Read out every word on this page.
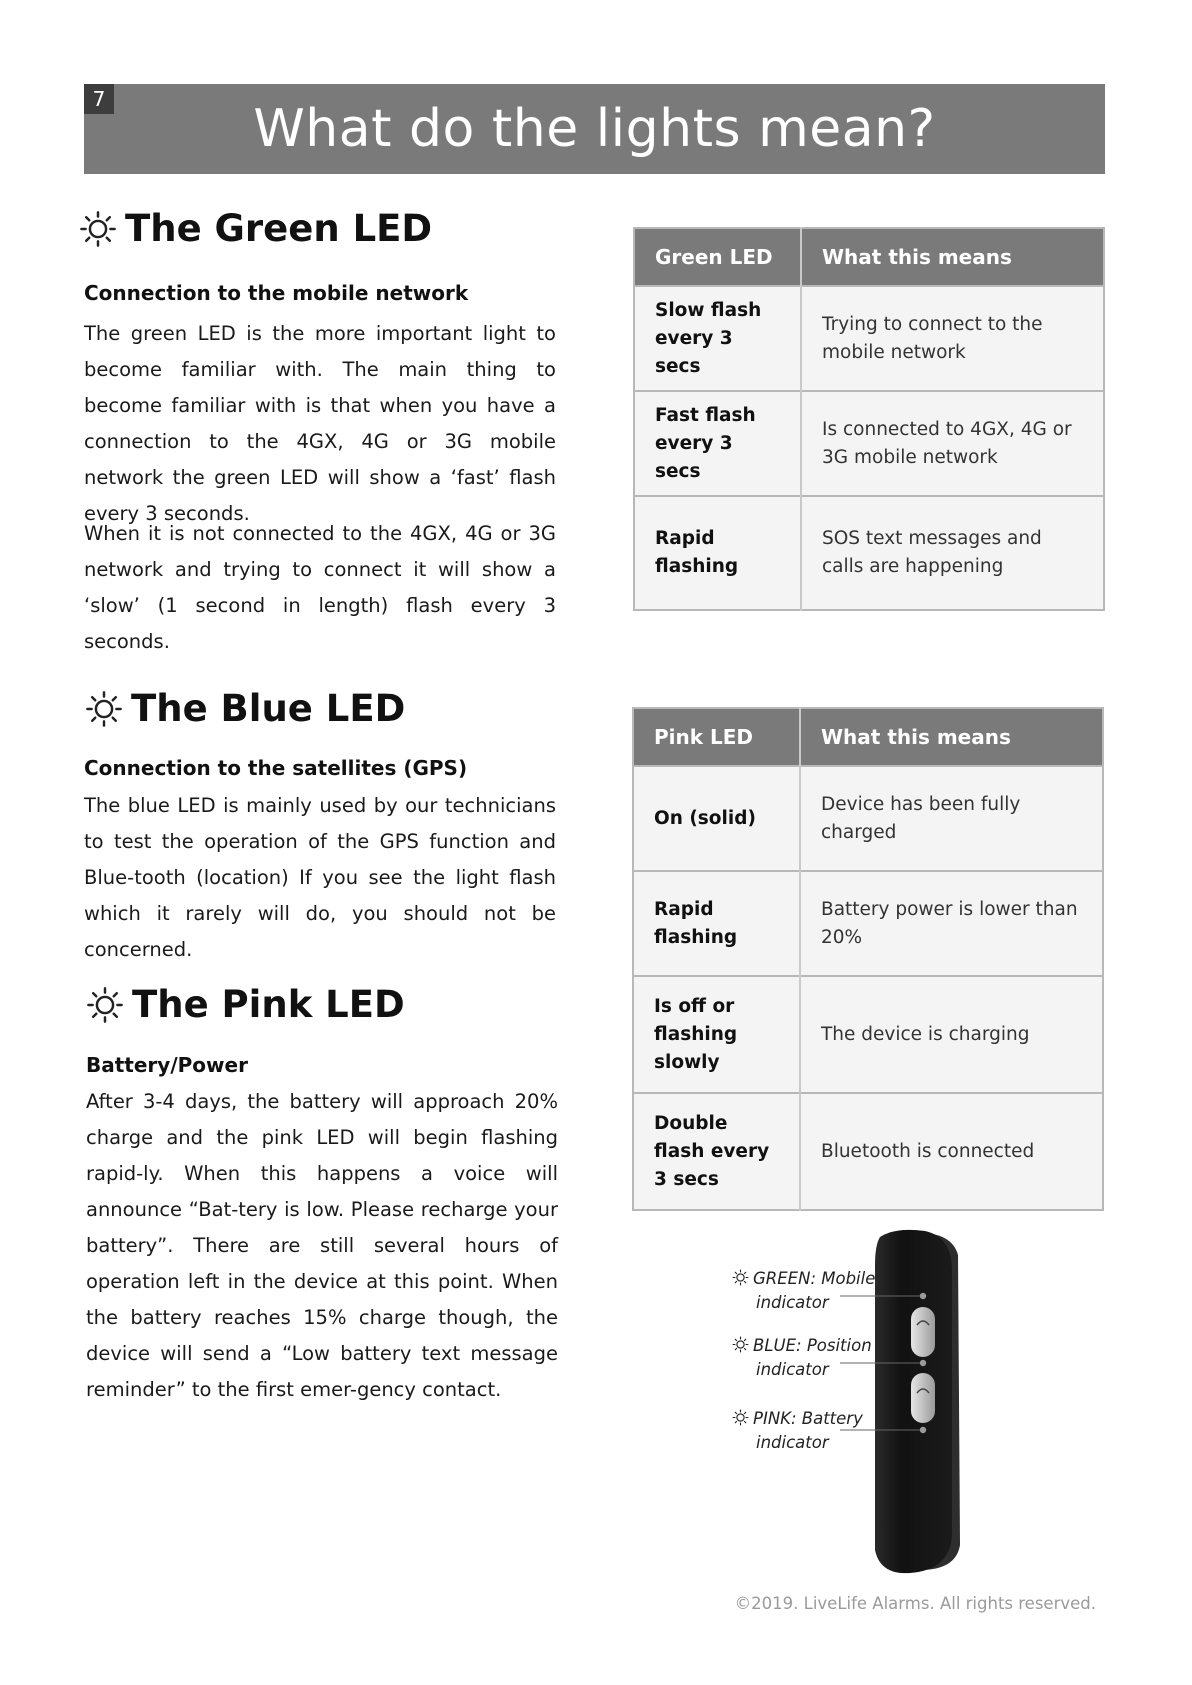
7	What do the lights mean?
The Green LED
Connection to the mobile network
The green LED is the more important light to become familiar with. The main thing to become familiar with is that when you have a connection to the 4GX, 4G or 3G mobile network the green LED will show a ‘fast’ flash every 3 seconds.
When it is not connected to the 4GX, 4G or 3G network and trying to connect it will show a ‘slow’ (1 second in length) flash every 3 seconds.
The Blue LED
Connection to the satellites (GPS)
The blue LED is mainly used by our technicians to test the operation of the GPS function and Blue-tooth (location) If you see the light flash which it rarely will do, you should not be concerned.
The Pink LED
Battery/Power
After 3-4 days, the battery will approach 20% charge and the pink LED will begin flashing rapid-ly. When this happens a voice will announce “Bat-tery is low. Please recharge your battery”. There are still several hours of operation left in the device at this point. When the battery reaches 15% charge though, the device will send a “Low battery text message reminder” to the first emer-gency contact.
Green LED	What this means
Slow flash every 3 secs	Trying to connect to the mobile network
Fast flash every 3 secs	Is connected to 4GX, 4G or 3G mobile network
Rapid flashing	SOS text messages and calls are happening
Pink LED	What this means
On (solid)	Device has been fully charged
Rapid flashing	Battery power is lower than 20%
Is off or flashing slowly	The device is charging
Double flash every 3 secs	Bluetooth is connected
GREEN: Mobile
indicator
BLUE: Position
indicator
PINK: Battery
indicator
©2019. LiveLife Alarms. All rights reserved.
